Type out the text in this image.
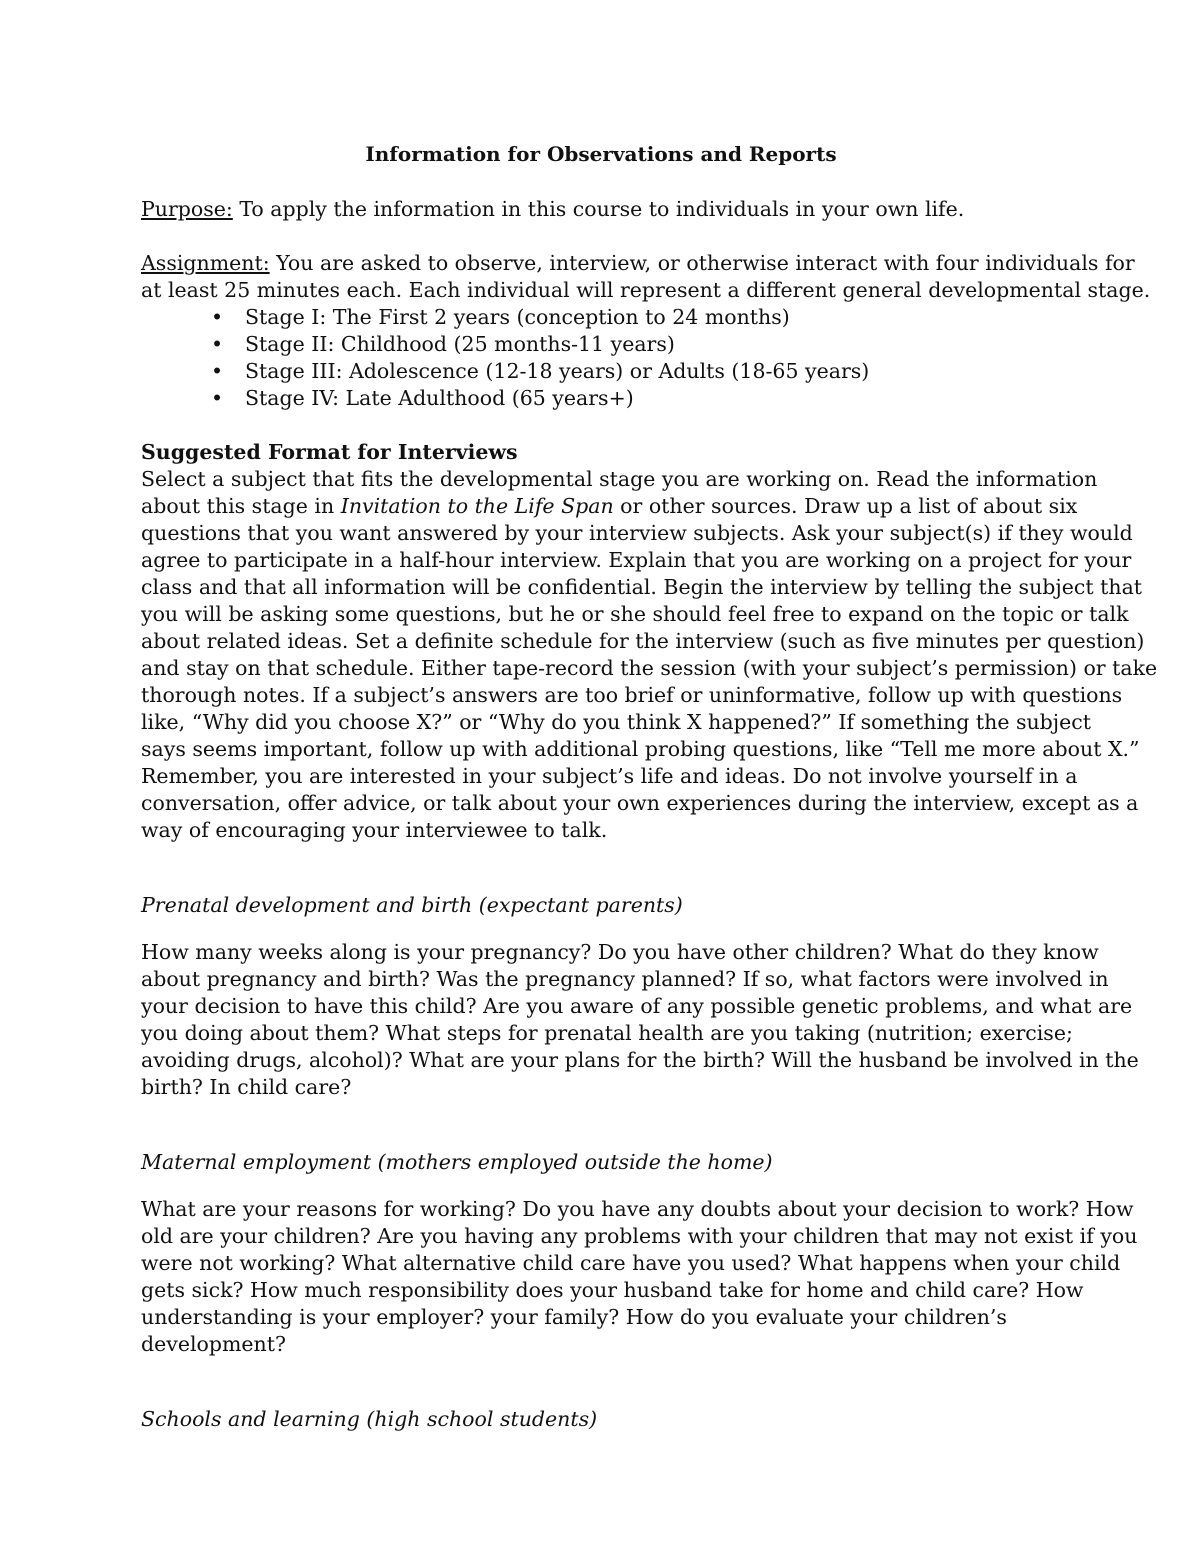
Information for Observations and Reports

Purpose: To apply the information in this course to individuals in your own life.

Assignment: You are asked to observe, interview, or otherwise interact with four individuals for
at least 25 minutes each. Each individual will represent a different general developmental stage.
• Stage I: The First 2 years (conception to 24 months)
• Stage II: Childhood (25 months-11 years)
• Stage III: Adolescence (12-18 years) or Adults (18-65 years)
• Stage IV: Late Adulthood (65 years+)

Suggested Format for Interviews

Select a subject that fits the developmental stage you are working on. Read the information
about this stage in Invitation to the Life Span or other sources. Draw up a list of about six
questions that you want answered by your interview subjects. Ask your subject(s) if they would
agree to participate in a half-hour interview. Explain that you are working on a project for your
class and that all information will be confidential. Begin the interview by telling the subject that
you will be asking some questions, but he or she should feel free to expand on the topic or talk
about related ideas. Set a definite schedule for the interview (such as five minutes per question)
and stay on that schedule. Either tape-record the session (with your subject’s permission) or take
thorough notes. If a subject’s answers are too brief or uninformative, follow up with questions
like, “Why did you choose X?” or “Why do you think X happened?” If something the subject
says seems important, follow up with additional probing questions, like “Tell me more about X.”
Remember, you are interested in your subject’s life and ideas. Do not involve yourself in a
conversation, offer advice, or talk about your own experiences during the interview, except as a
way of encouraging your interviewee to talk.

Prenatal development and birth (expectant parents)

How many weeks along is your pregnancy? Do you have other children? What do they know
about pregnancy and birth? Was the pregnancy planned? If so, what factors were involved in
your decision to have this child? Are you aware of any possible genetic problems, and what are
you doing about them? What steps for prenatal health are you taking (nutrition; exercise;
avoiding drugs, alcohol)? What are your plans for the birth? Will the husband be involved in the
birth? In child care?

Maternal employment (mothers employed outside the home)

What are your reasons for working? Do you have any doubts about your decision to work? How
old are your children? Are you having any problems with your children that may not exist if you
were not working? What alternative child care have you used? What happens when your child
gets sick? How much responsibility does your husband take for home and child care? How
understanding is your employer? your family? How do you evaluate your children’s
development?

Schools and learning (high school students)
